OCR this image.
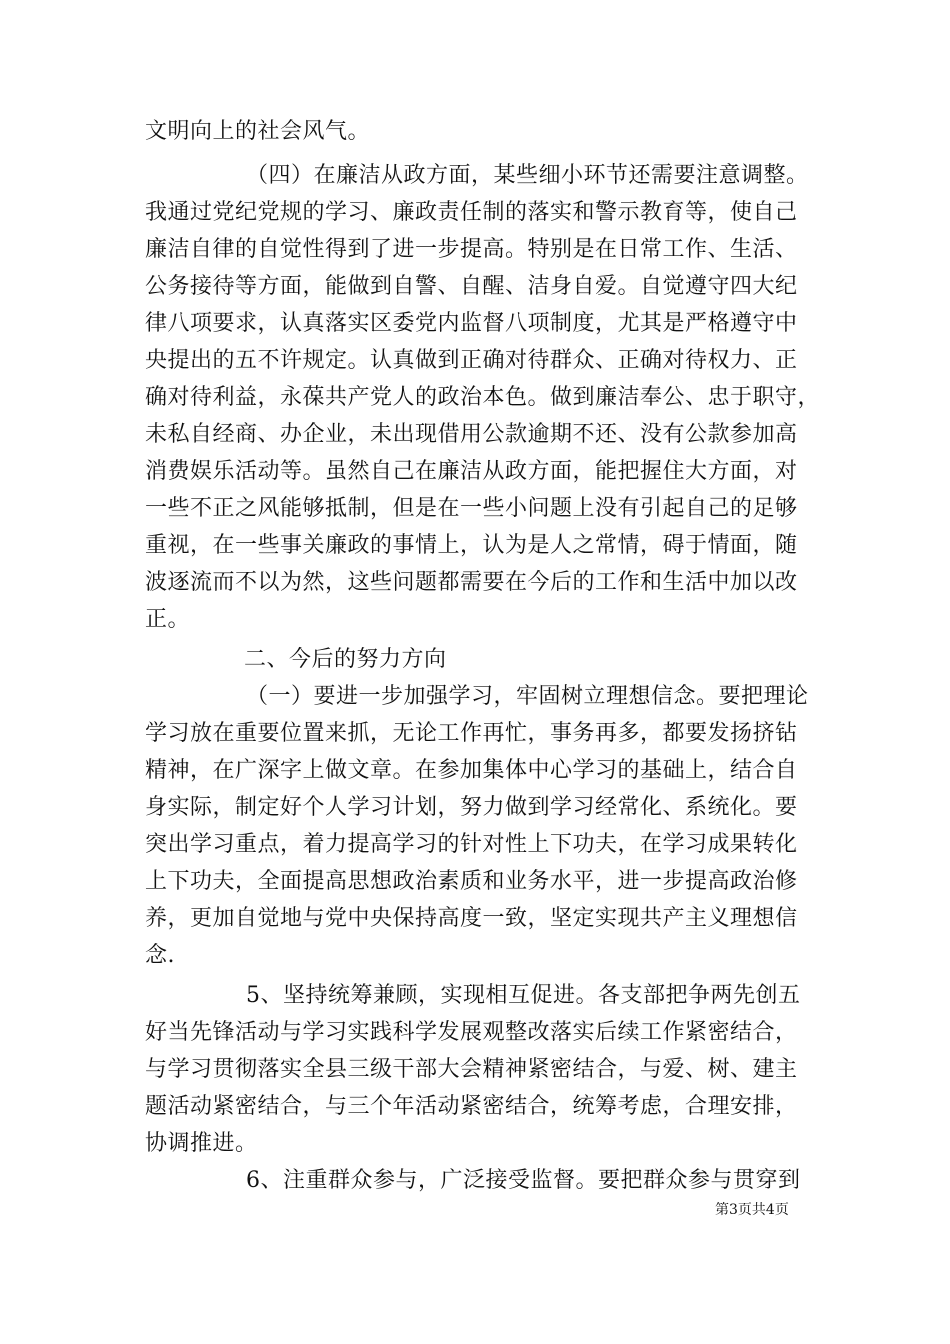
文明向上的社会风气。
（四）在廉洁从政方面，某些细小环节还需要注意调整。
我通过党纪党规的学习、廉政责任制的落实和警示教育等，使自己
廉洁自律的自觉性得到了进一步提高。特别是在日常工作、生活、
公务接待等方面，能做到自警、自醒、洁身自爱。自觉遵守四大纪
律八项要求，认真落实区委党内监督八项制度，尤其是严格遵守中
央提出的五不许规定。认真做到正确对待群众、正确对待权力、正
确对待利益，永葆共产党人的政治本色。做到廉洁奉公、忠于职守，
未私自经商、办企业，未出现借用公款逾期不还、没有公款参加高
消费娱乐活动等。虽然自己在廉洁从政方面，能把握住大方面，对
一些不正之风能够抵制，但是在一些小问题上没有引起自己的足够
重视，在一些事关廉政的事情上，认为是人之常情，碍于情面，随
波逐流而不以为然，这些问题都需要在今后的工作和生活中加以改
正。
二、今后的努力方向
（一）要进一步加强学习，牢固树立理想信念。要把理论
学习放在重要位置来抓，无论工作再忙，事务再多，都要发扬挤钻
精神，在广深字上做文章。在参加集体中心学习的基础上，结合自
身实际，制定好个人学习计划，努力做到学习经常化、系统化。要
突出学习重点，着力提高学习的针对性上下功夫，在学习成果转化
上下功夫，全面提高思想政治素质和业务水平，进一步提高政治修
养，更加自觉地与党中央保持高度一致，坚定实现共产主义理想信
念.
5、坚持统筹兼顾，实现相互促进。各支部把争两先创五
好当先锋活动与学习实践科学发展观整改落实后续工作紧密结合，
与学习贯彻落实全县三级干部大会精神紧密结合，与爱、树、建主
题活动紧密结合，与三个年活动紧密结合，统筹考虑，合理安排，
协调推进。
6、注重群众参与，广泛接受监督。要把群众参与贯穿到
第3页共4页
